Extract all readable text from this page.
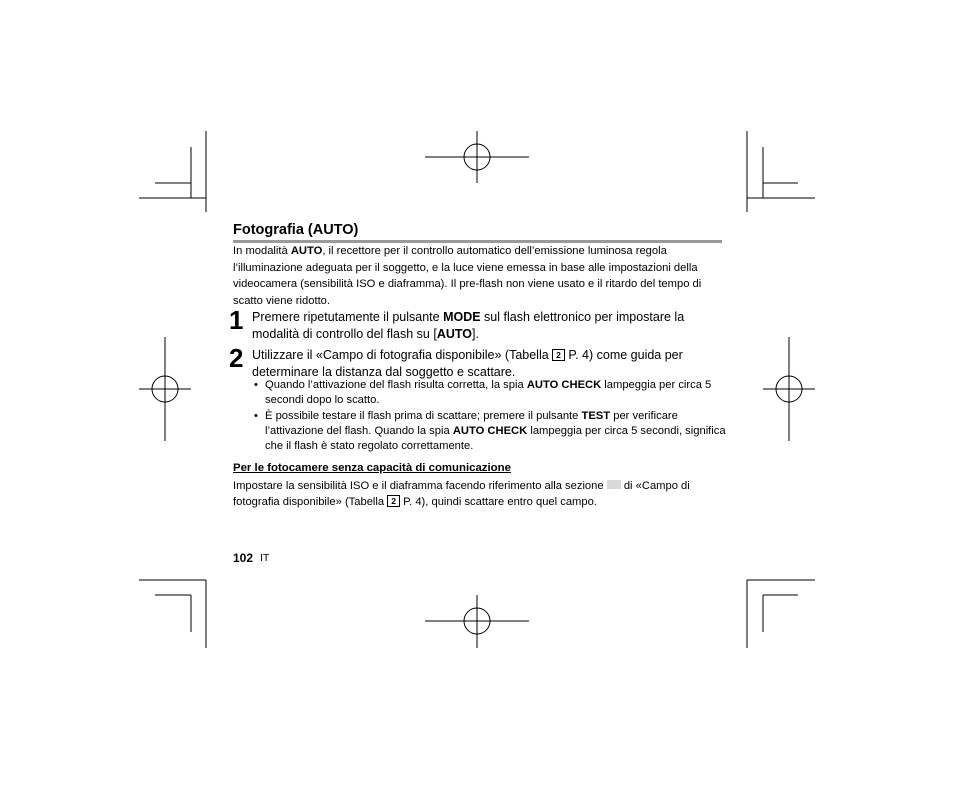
Fotografia (AUTO)
In modalità AUTO, il recettore per il controllo automatico dell’emissione luminosa regola l’illuminazione adeguata per il soggetto, e la luce viene emessa in base alle impostazioni della videocamera (sensibilità ISO e diaframma). Il pre-flash non viene usato e il ritardo del tempo di scatto viene ridotto.
1 Premere ripetutamente il pulsante MODE sul flash elettronico per impostare la modalità di controllo del flash su [AUTO].
2 Utilizzare il «Campo di fotografia disponibile» (Tabella 2 P. 4) come guida per determinare la distanza dal soggetto e scattare.
• Quando l’attivazione del flash risulta corretta, la spia AUTO CHECK lampeggia per circa 5 secondi dopo lo scatto.
• È possibile testare il flash prima di scattare; premere il pulsante TEST per verificare l’attivazione del flash. Quando la spia AUTO CHECK lampeggia per circa 5 secondi, significa che il flash è stato regolato correttamente.
Per le fotocamere senza capacità di comunicazione
Impostare la sensibilità ISO e il diaframma facendo riferimento alla sezione  di «Campo di fotografia disponibile» (Tabella 2 P. 4), quindi scattare entro quel campo.
102 IT
